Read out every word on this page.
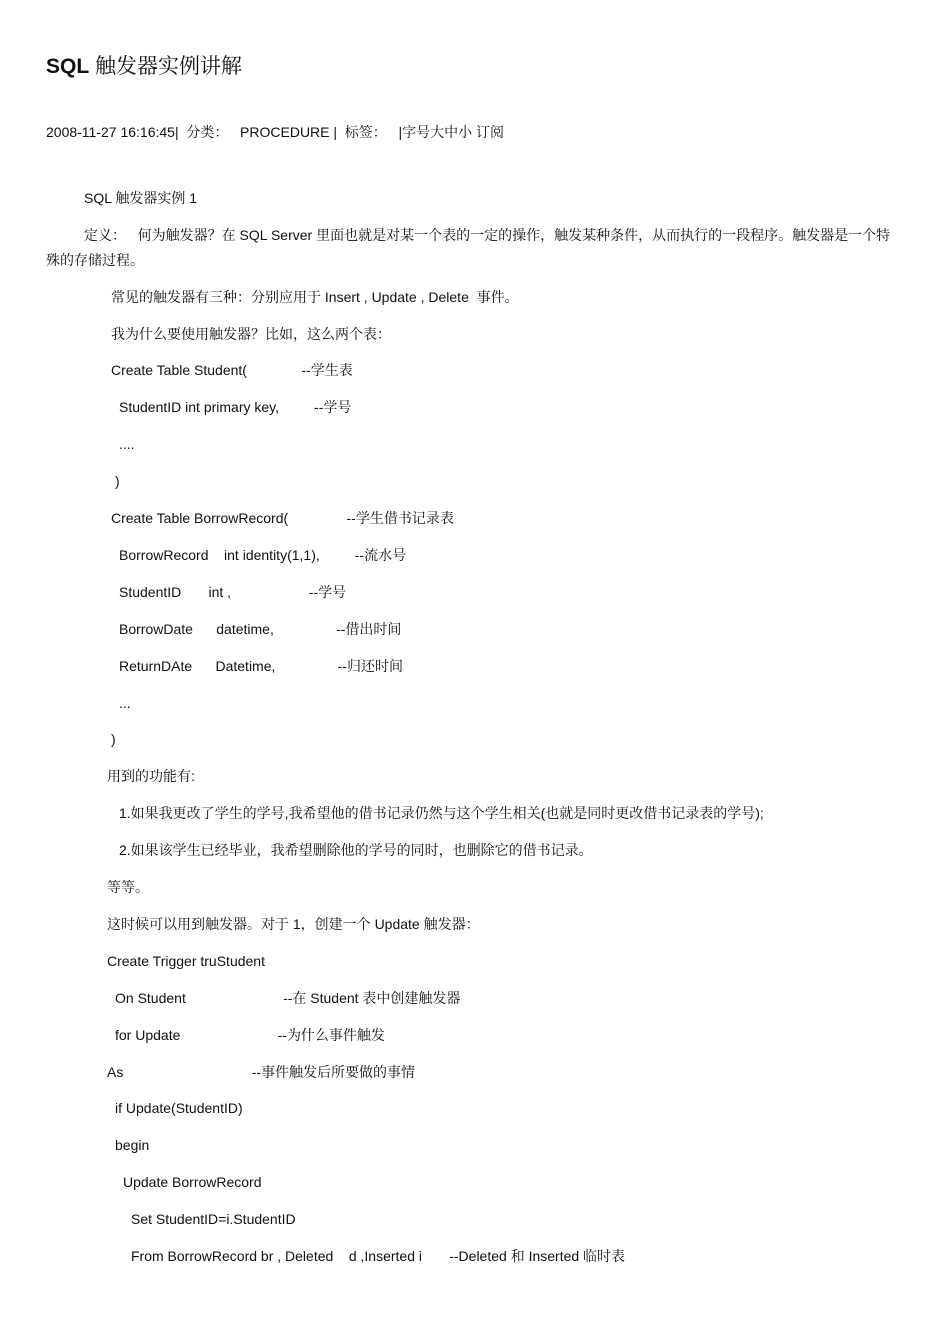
SQL 触发器实例讲解
2008-11-27 16:16:45|  分类：   PROCEDURE |  标签：   |字号大中小 订阅
SQL 触发器实例 1
定义：   何为触发器？在 SQL Server 里面也就是对某一个表的一定的操作，触发某种条件，从而执行的一段程序。触发器是一个特
殊的存储过程。
常见的触发器有三种：分别应用于 Insert , Update , Delete  事件。
我为什么要使用触发器？比如，这么两个表：
Create Table Student(              --学生表
StudentID int primary key,         --学号
....
)
Create Table BorrowRecord(               --学生借书记录表
BorrowRecord    int identity(1,1),         --流水号
StudentID       int ,                    --学号
BorrowDate      datetime,                --借出时间
ReturnDAte      Datetime,                --归还时间
...
)
用到的功能有:
1.如果我更改了学生的学号,我希望他的借书记录仍然与这个学生相关(也就是同时更改借书记录表的学号);
2.如果该学生已经毕业，我希望删除他的学号的同时，也删除它的借书记录。
等等。
这时候可以用到触发器。对于 1，创建一个 Update 触发器：
Create Trigger truStudent
On Student                         --在 Student 表中创建触发器
for Update                         --为什么事件触发
As                                 --事件触发后所要做的事情
if Update(StudentID)
begin
Update BorrowRecord
Set StudentID=i.StudentID
From BorrowRecord br , Deleted    d ,Inserted i       --Deleted 和 Inserted 临时表
